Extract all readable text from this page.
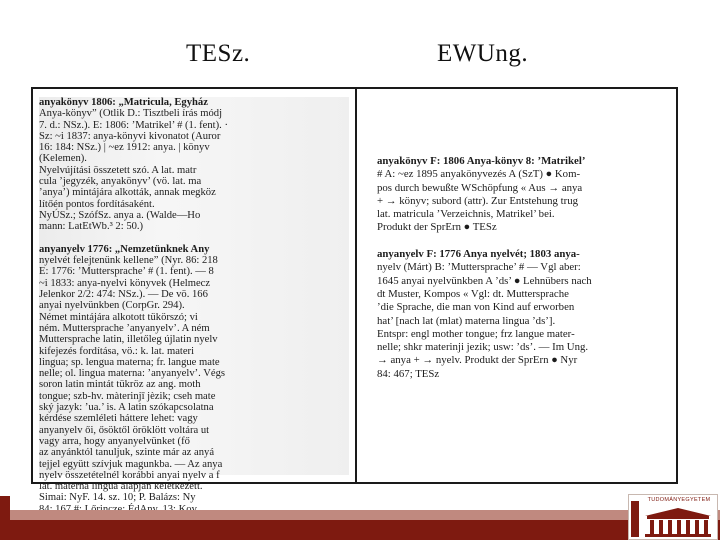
TESz.	EWUng.
anyakönyv 1806: „Matricula, Egyház
Anya-könyv” (Otlik D.: Tisztbeli írás módj
7. d.: NSz.). E: 1806: ’Matrikel’ # (1. fent). ·
Sz: ~i 1837: anya-könyvi kivonatot (Auror
16: 184: NSz.) | ~ez 1912: anya. | könyv
(Kelemen).
Nyelvújítási összetett szó. A lat. matr
cula ’jegyzék, anyakönyv’ (vö. lat. ma
’anya’) mintájára alkották, annak megköz
lítőén pontos fordításaként.
NyÚSz.; SzófSz. anya a. (Walde—Ho
mann: LatEtWb.³ 2: 50.)

anyanyelv 1776: „Nemzetünknek Any
nyelvét felejtenünk kellene” (Nyr. 86: 218
E: 1776: ’Muttersprache’ # (1. fent). — 8
~i 1833: anya-nyelvi könyvek (Helmecz
Jelenkor 2/2: 474: NSz.). — De vö. 166
anyai nyelvünkben (CorpGr. 294).
Német mintájára alkotott tükörszó; vi
ném. Muttersprache ’anyanyelv’. A ném
Muttersprache latin, illetőleg újlatin nyelv
kifejezés fordítása, vö.: k. lat. materi
lingua; sp. lengua materna; fr. langue mate
nelle; ol. lingua materna: ’anyanyelv’. Végs
soron latin mintát tükröz az ang. moth
tongue; szb-hv. màterinjī jèzik; cseh mate
ský jazyk: ’ua.’ is. A latin szókapcsolatna
kérdése szemléleti háttere lehet: vagy
anyanyelv ői, ősöktől öröklött voltára ut
vagy arra, hogy anyanyelvünket (fő
az anyánktól tanuljuk, szinte már az anyá
tejjel együtt szívjuk magunkba. — Az anya
nyelv összetételnél korábbi anyai nyelv a f
lat. materna lingua alapján keletkezett.
Simai: NyF. 14. sz. 10; P. Balázs: Ny
anyakönyv F: 1806 Anya-könyv 8: ’Matrikel’
# A: ~ez 1895 anyakönyvezés A (SzT) ● Kom-
pos durch bewußte WSchöpfung « Aus → anya
+ → könyv; subord (attr). Zur Entstehung trug
lat. matricula ’Verzeichnis, Matrikel’ bei.
Produkt der SprErn ● TESz

anyanyelv F: 1776 Anya nyelvét; 1803 anya-
nyelv (Márt) B: ’Muttersprache’ # — Vgl aber:
1645 anyai nyelvünkben A ’ds’ ● Lehnübers nach
dt Muster, Kompos « Vgl: dt. Muttersprache
’die Sprache, die man von Kind auf erworben
hat’ [nach lat (mlat) materna lingua ’ds’].
Entspr: engl mother tongue; frz langue mater-
nelle; shkr materinji jezik; usw: ’ds’. — Im Ung.
→ anya + → nyelv. Produkt der SprErn ● Nyr
84: 467; TESz
TUDOMÁNYEGYETEM
